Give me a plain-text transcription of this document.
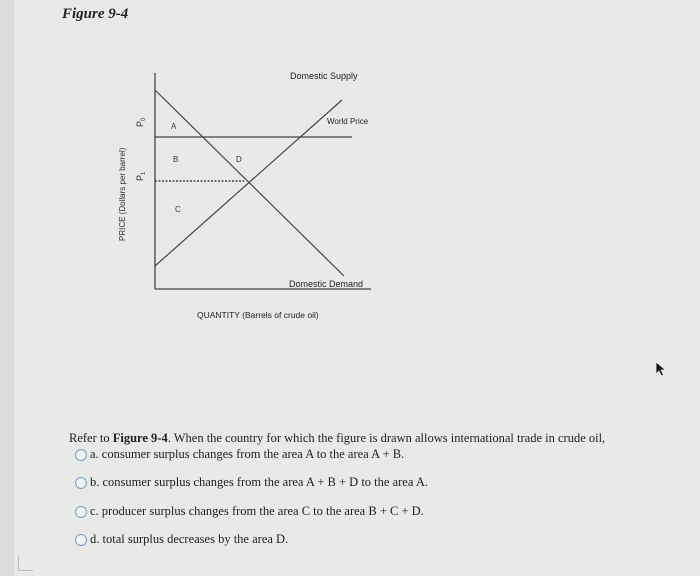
Figure 9-4
PRICE (Dollars per barrel)
$P_0$
$P_1$
A
B	D
C
Domestic Supply
World Price
Domestic Demand
QUANTITY (Barrels of crude oil)
Refer to Figure 9-4. When the country for which the figure is drawn allows international trade in crude oil,
a. consumer surplus changes from the area A to the area A + B.
b. consumer surplus changes from the area A + B + D to the area A.
c. producer surplus changes from the area C to the area B + C + D.
d. total surplus decreases by the area D.
